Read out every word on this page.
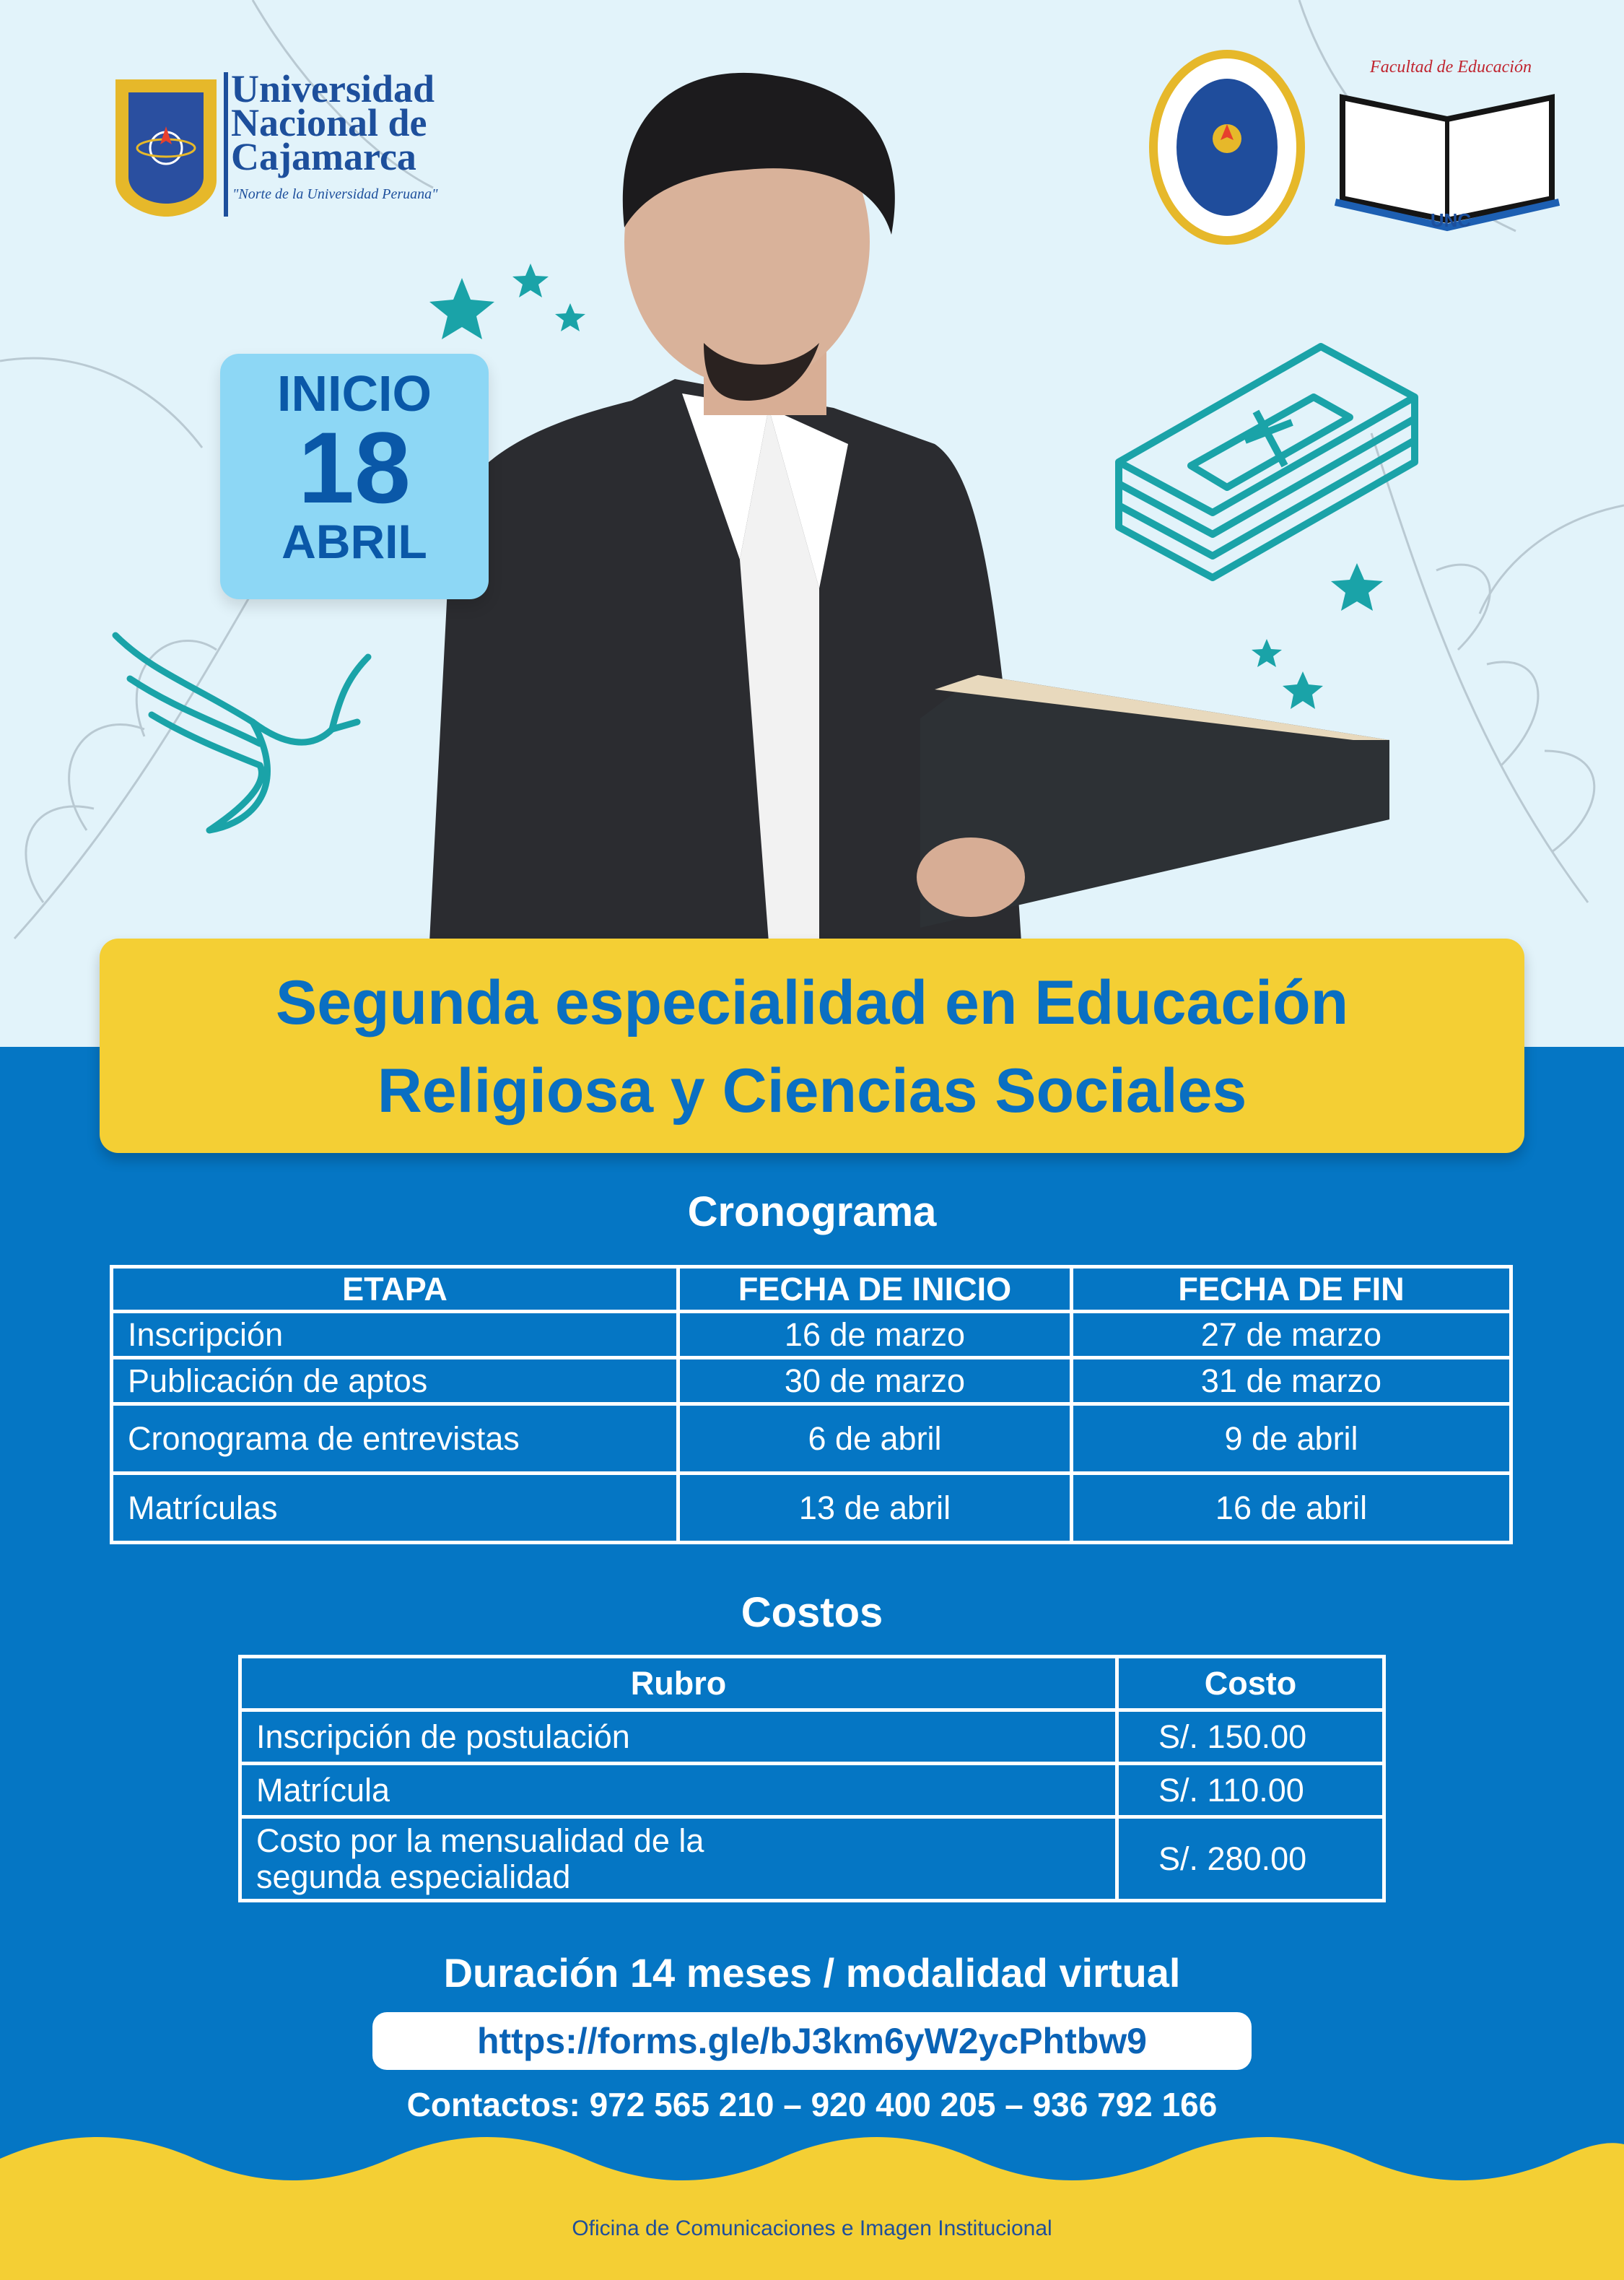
Universidad
Nacional de
Cajamarca
"Norte de la Universidad Peruana"
Facultad de Educación
UNC
INICIO
18
ABRIL
Segunda especialidad en Educación
Religiosa y Ciencias Sociales
Cronograma
ETAPA	FECHA DE INICIO	FECHA DE FIN
Inscripción	16 de marzo	27 de marzo
Publicación de aptos	30 de marzo	31 de marzo
Cronograma de entrevistas	6 de abril	9 de abril
Matrículas	13 de abril	16 de abril
Costos
Rubro	Costo
Inscripción de postulación	S/. 150.00
Matrícula	S/. 110.00
Costo por la mensualidad de la segunda especialidad	S/. 280.00
Duración 14 meses / modalidad virtual
https://forms.gle/bJ3km6yW2ycPhtbw9
Contactos: 972 565 210 – 920 400 205 – 936 792 166
Oficina de Comunicaciones e Imagen Institucional
